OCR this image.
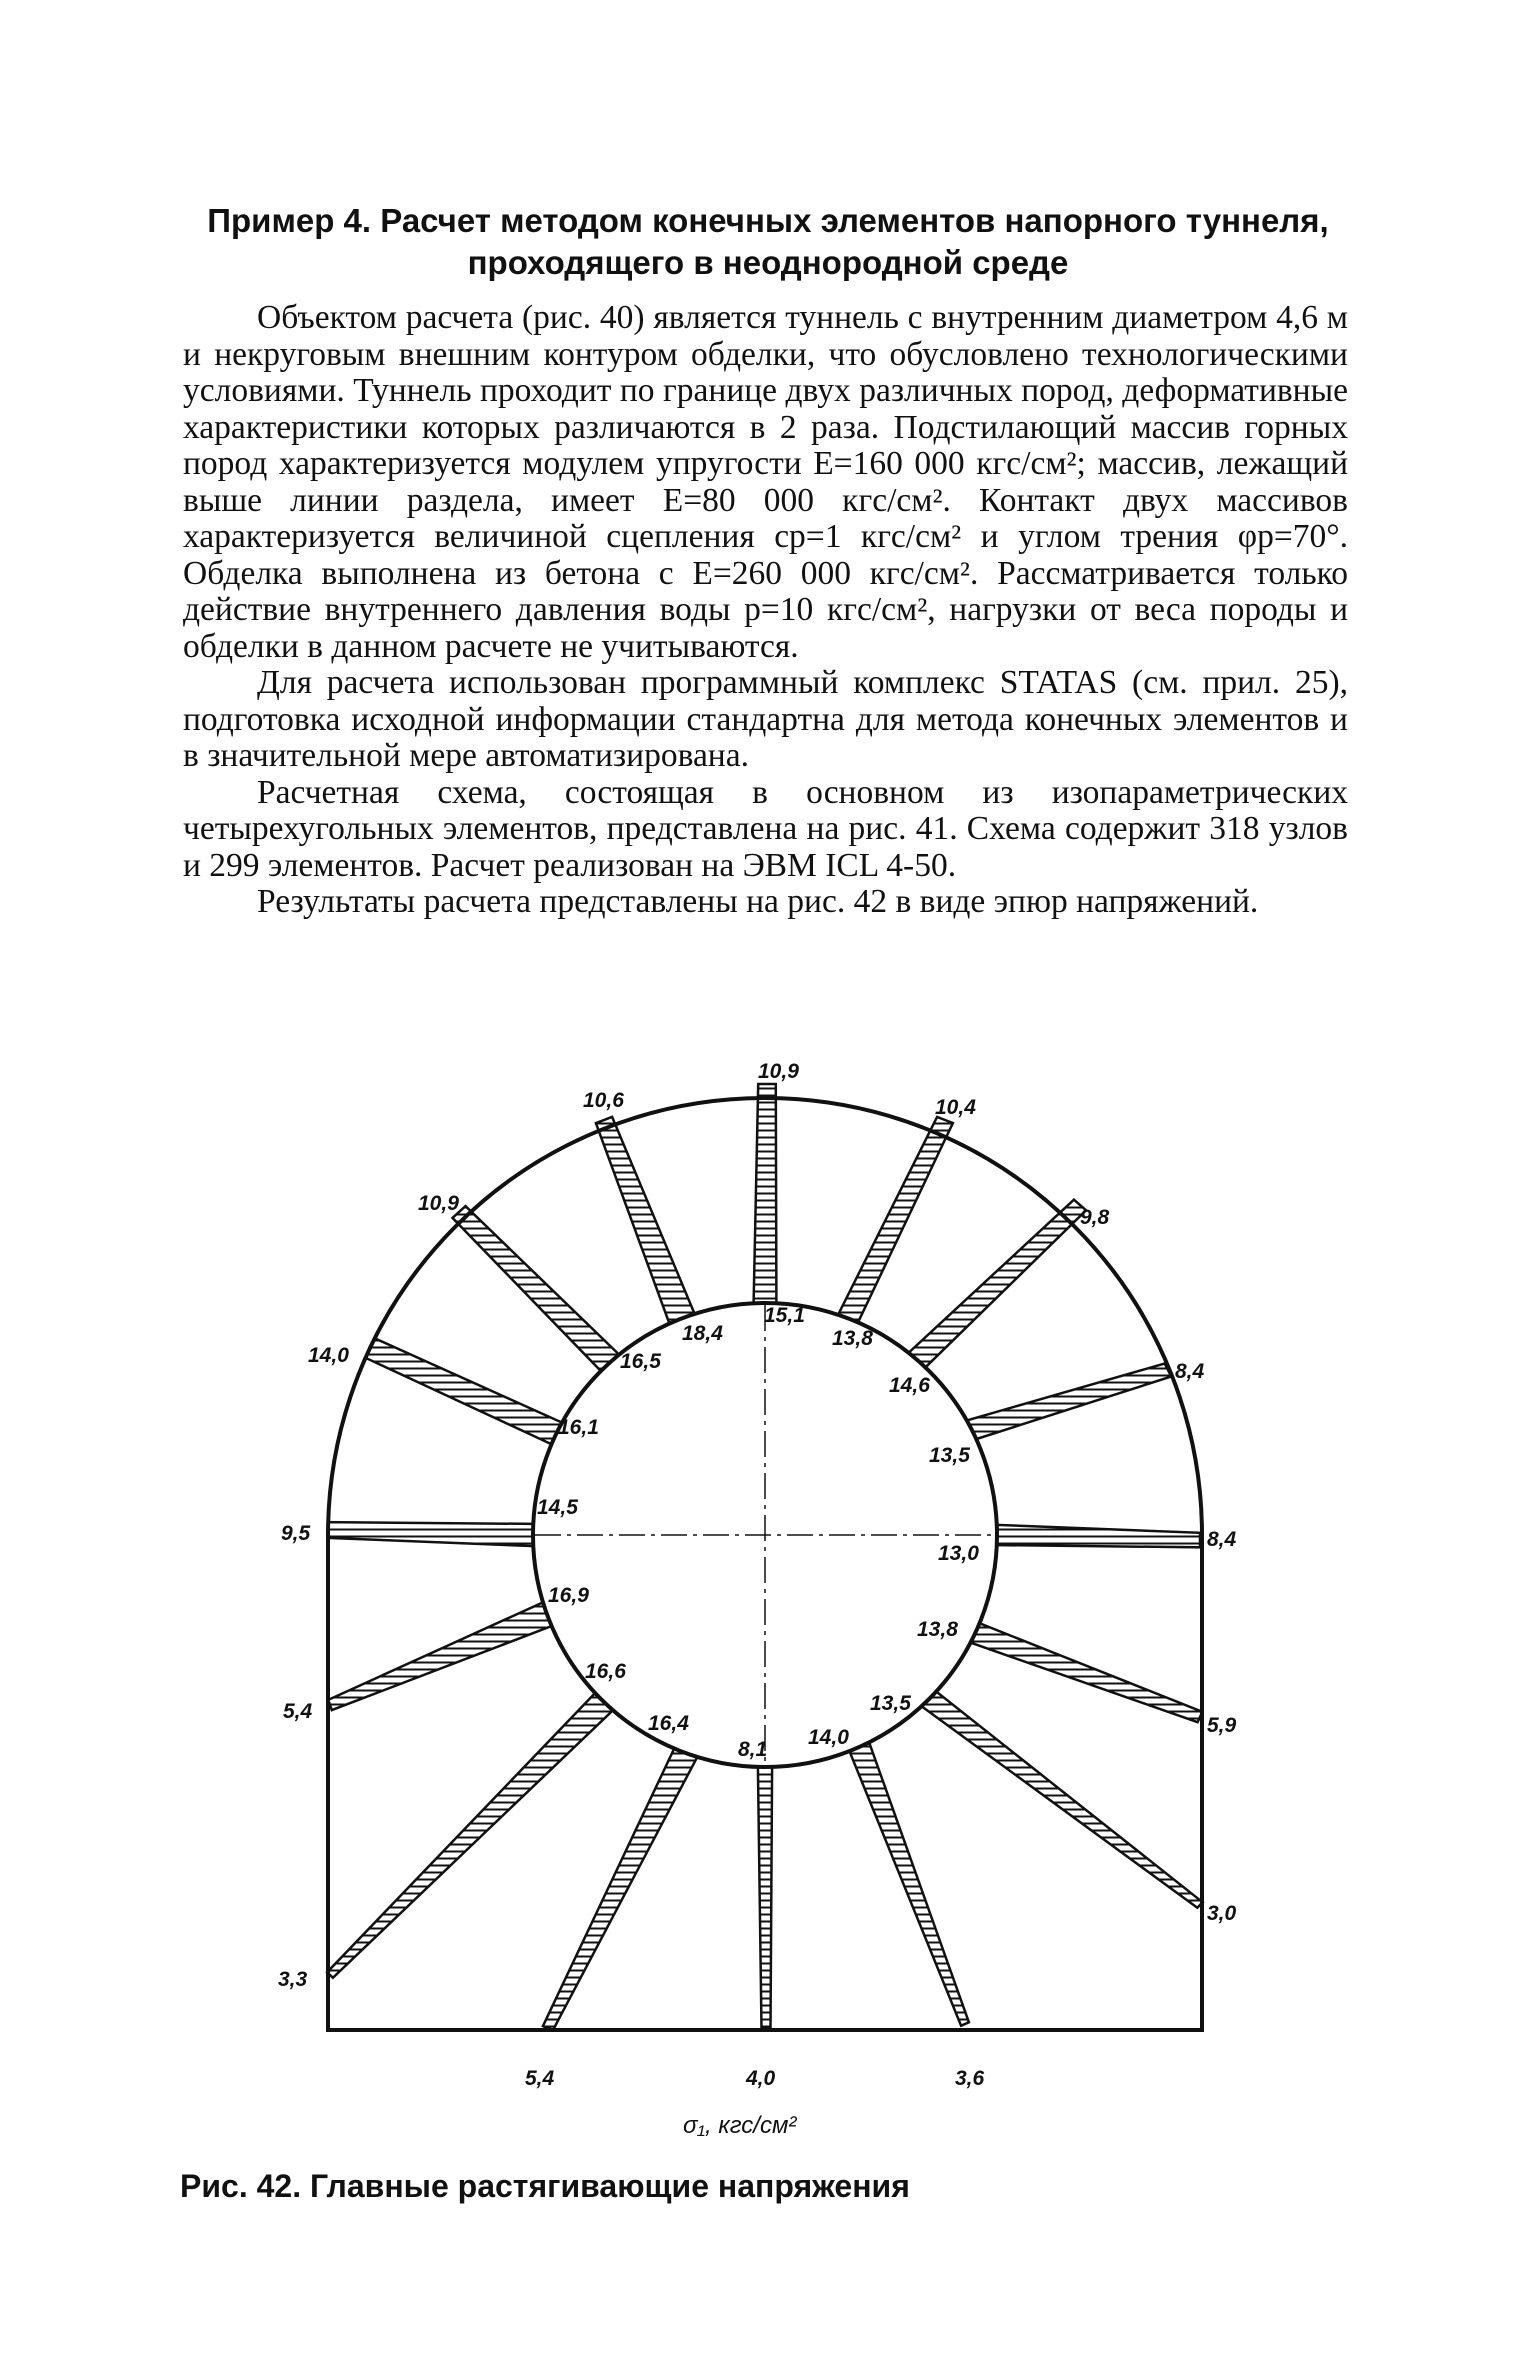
Пример 4. Расчет методом конечных элементов напорного туннеля,
проходящего в неоднородной среде

Объектом расчета (рис. 40) является туннель с внутренним диаметром 4,6 м и некруговым внешним контуром обделки, что обусловлено технологическими условиями. Туннель проходит по границе двух различных пород, деформативные характеристики которых различаются в 2 раза. Подстилающий массив горных пород характеризуется модулем упругости E=160 000 кгс/см²; массив, лежащий выше линии раздела, имеет E=80 000 кгс/см². Контакт двух массивов характеризуется величиной сцепления cp=1 кгс/см² и углом трения φp=70°. Обделка выполнена из бетона с E=260 000 кгс/см². Рассматривается только действие внутреннего давления воды p=10 кгс/см², нагрузки от веса породы и обделки в данном расчете не учитываются.

Для расчета использован программный комплекс STATAS (см. прил. 25), подготовка исходной информации стандартна для метода конечных элементов и в значительной мере автоматизирована.

Расчетная схема, состоящая в основном из изопараметрических четырехугольных элементов, представлена на рис. 41. Схема содержит 318 узлов и 299 элементов. Расчет реализован на ЭВМ ICL 4-50.

Результаты расчета представлены на рис. 42 в виде эпюр напряжений.

10,9
15,1
10,4
13,8
9,8
14,6
8,4
13,5
8,4
13,0
5,9
13,8
3,0
13,5
3,6
14,0
4,0
8,1
5,4
16,4
3,3
16,6
5,4
16,9
9,5
14,5
14,0
16,1
10,9
16,5
10,6
18,4
σ₁, кгс/см²

Рис. 42. Главные растягивающие напряжения
